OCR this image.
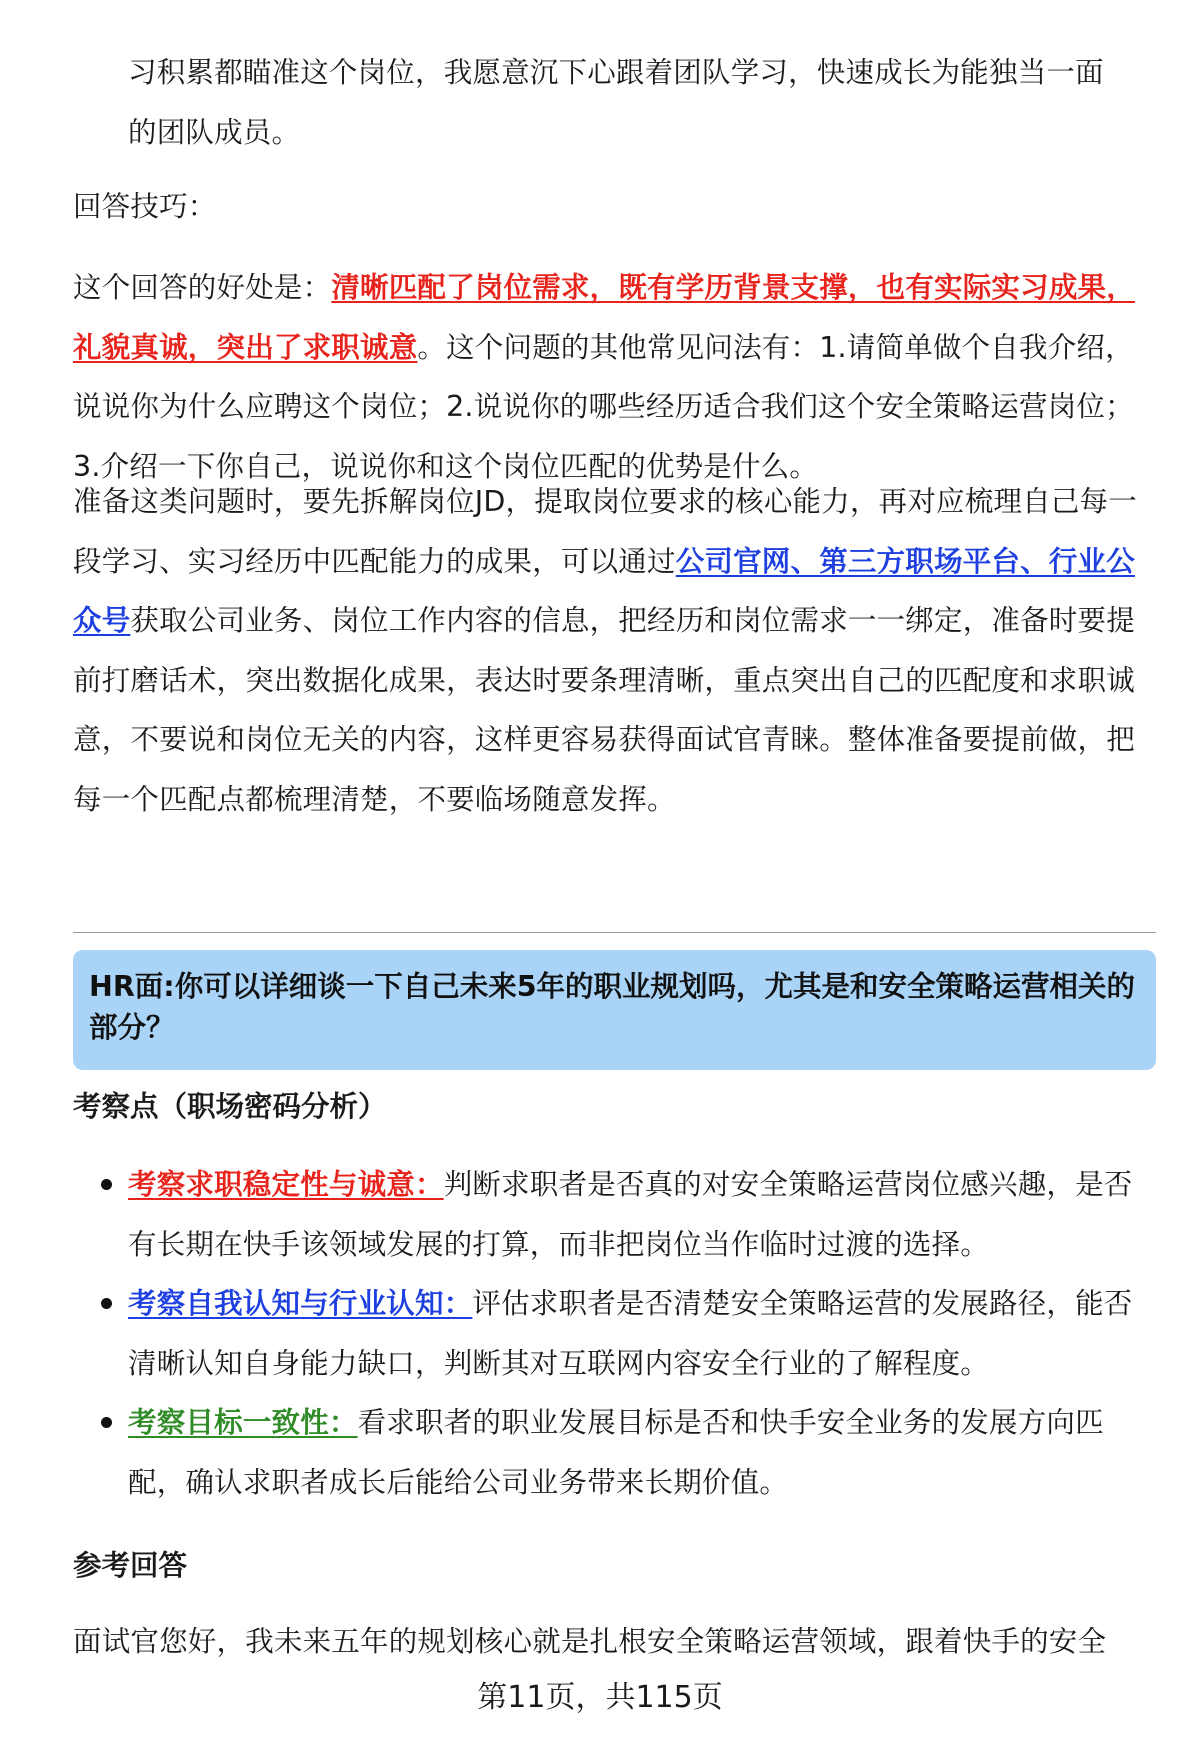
习积累都瞄准这个岗位，我愿意沉下心跟着团队学习，快速成长为能独当一面
的团队成员。

回答技巧：

这个回答的好处是：清晰匹配了岗位需求，既有学历背景支撑，也有实际实习成果，礼貌真诚，突出了求职诚意。这个问题的其他常见问法有：1.请简单做个自我介绍，说说你为什么应聘这个岗位；2.说说你的哪些经历适合我们这个安全策略运营岗位；3.介绍一下你自己，说说你和这个岗位匹配的优势是什么。

准备这类问题时，要先拆解岗位JD，提取岗位要求的核心能力，再对应梳理自己每一段学习、实习经历中匹配能力的成果，可以通过公司官网、第三方职场平台、行业公众号获取公司业务、岗位工作内容的信息，把经历和岗位需求一一绑定，准备时要提前打磨话术，突出数据化成果，表达时要条理清晰，重点突出自己的匹配度和求职诚意，不要说和岗位无关的内容，这样更容易获得面试官青睐。整体准备要提前做，把每一个匹配点都梳理清楚，不要临场随意发挥。

HR面:你可以详细谈一下自己未来5年的职业规划吗，尤其是和安全策略运营相关的部分？

考察点（职场密码分析）

考察求职稳定性与诚意：判断求职者是否真的对安全策略运营岗位感兴趣，是否有长期在快手该领域发展的打算，而非把岗位当作临时过渡的选择。
考察自我认知与行业认知：评估求职者是否清楚安全策略运营的发展路径，能否清晰认知自身能力缺口，判断其对互联网内容安全行业的了解程度。
考察目标一致性：看求职者的职业发展目标是否和快手安全业务的发展方向匹配，确认求职者成长后能给公司业务带来长期价值。

参考回答

面试官您好，我未来五年的规划核心就是扎根安全策略运营领域，跟着快手的安全

第11页，共115页
